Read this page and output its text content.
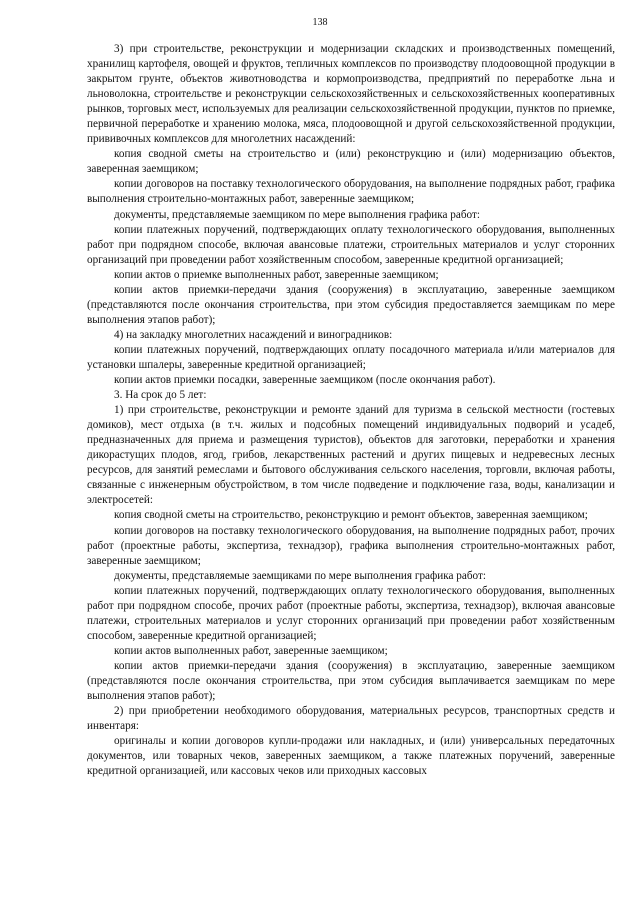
138

3) при строительстве, реконструкции и модернизации складских и производственных помещений, хранилищ картофеля, овощей и фруктов, тепличных комплексов по производству плодоовощной продукции в закрытом грунте, объектов животноводства и кормопроизводства, предприятий по переработке льна и льноволокна, строительстве и реконструкции сельскохозяйственных и сельскохозяйственных кооперативных рынков, торговых мест, используемых для реализации сельскохозяйственной продукции, пунктов по приемке, первичной переработке и хранению молока, мяса, плодоовощной и другой сельскохозяйственной продукции, прививочных комплексов для многолетних насаждений:

копия сводной сметы на строительство и (или) реконструкцию и (или) модернизацию объектов, заверенная заемщиком;

копии договоров на поставку технологического оборудования, на выполнение подрядных работ, графика выполнения строительно-монтажных работ, заверенные заемщиком;

документы, представляемые заемщиком по мере выполнения графика работ:

копии платежных поручений, подтверждающих оплату технологического оборудования, выполненных работ при подрядном способе, включая авансовые платежи, строительных материалов и услуг сторонних организаций при проведении работ хозяйственным способом, заверенные кредитной организацией;

копии актов о приемке выполненных работ, заверенные заемщиком;

копии актов приемки-передачи здания (сооружения) в эксплуатацию, заверенные заемщиком (представляются после окончания строительства, при этом субсидия предоставляется заемщикам по мере выполнения этапов работ);

4) на закладку многолетних насаждений и виноградников:

копии платежных поручений, подтверждающих оплату посадочного материала и/или материалов для установки шпалеры, заверенные кредитной организацией;

копии актов приемки посадки, заверенные заемщиком (после окончания работ).

3. На срок до 5 лет:

1) при строительстве, реконструкции и ремонте зданий для туризма в сельской местности (гостевых домиков), мест отдыха (в т.ч. жилых и подсобных помещений индивидуальных подворий и усадеб, предназначенных для приема и размещения туристов), объектов для заготовки, переработки и хранения дикорастущих плодов, ягод, грибов, лекарственных растений и других пищевых и недревесных лесных ресурсов, для занятий ремеслами и бытового обслуживания сельского населения, торговли, включая работы, связанные с инженерным обустройством, в том числе подведение и подключение газа, воды, канализации и электросетей:

копия сводной сметы на строительство, реконструкцию и ремонт объектов, заверенная заемщиком;

копии договоров на поставку технологического оборудования, на выполнение подрядных работ, прочих работ (проектные работы, экспертиза, технадзор), графика выполнения строительно-монтажных работ, заверенные заемщиком;

документы, представляемые заемщиками по мере выполнения графика работ:

копии платежных поручений, подтверждающих оплату технологического оборудования, выполненных работ при подрядном способе, прочих работ (проектные работы, экспертиза, технадзор), включая авансовые платежи, строительных материалов и услуг сторонних организаций при проведении работ хозяйственным способом, заверенные кредитной организацией;

копии актов выполненных работ, заверенные заемщиком;

копии актов приемки-передачи здания (сооружения) в эксплуатацию, заверенные заемщиком (представляются после окончания строительства, при этом субсидия выплачивается заемщикам по мере выполнения этапов работ);

2) при приобретении необходимого оборудования, материальных ресурсов, транспортных средств и инвентаря:

оригиналы и копии договоров купли-продажи или накладных, и (или) универсальных передаточных документов, или товарных чеков, заверенных заемщиком, а также платежных поручений, заверенные кредитной организацией, или кассовых чеков или приходных кассовых
